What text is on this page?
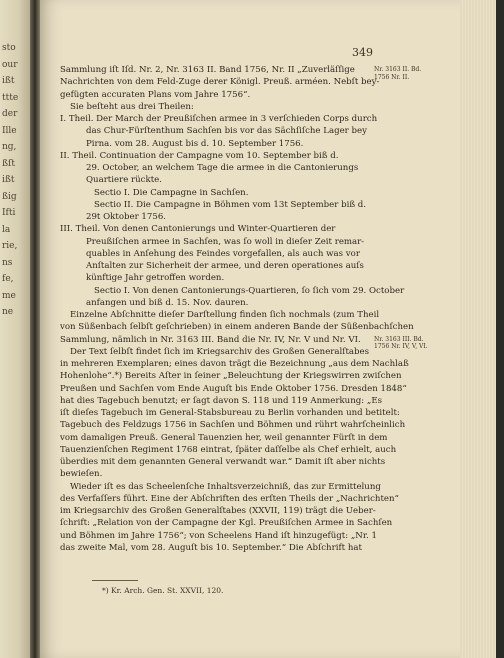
sto
our
ißt
ttte
der
Ille
ng,
ßſt
ißt
ßig
Ifti
la
rie,
ns
fe,
me
ne
349
Sammlung iſt Iſd. Nr. 2, Nr. 3163 II. Band 1756, Nr. II „Zuverläſſige
Nachrichten von dem Feld-Zuge derer Königl. Preuß. arméen. Nebſt bey-
gefügten accuraten Plans vom Jahre 1756“.
Sie beſteht aus drei Theilen:
I. Theil. Der March der Preußiſchen armee in 3 verſchieden Corps durch
das Chur-Fürſtenthum Sachſen bis vor das Sächſiſche Lager bey
Pirna. vom 28. August bis d. 10. September 1756.
II. Theil. Continuation der Campagne vom 10. September biß d.
29. October, an welchem Tage die armee in die Cantonierungs
Quartiere rückte.
Sectio I. Die Campagne in Sachſen.
Sectio II. Die Campagne in Böhmen vom 13t September biß d.
29t Oktober 1756.
III. Theil. Von denen Cantonierungs und Winter-Quartieren der
Preußiſchen armee in Sachſen, was ſo woll in dieſer Zeit remar-
quables in Anſehung des Feindes vorgefallen, als auch was vor
Anſtalten zur Sicherheit der armee, und deren operationes auſs
künftige Jahr getroffen worden.
Sectio I. Von denen Cantonierungs-Quartieren, ſo ſich vom 29. October
anfangen und biß d. 15. Nov. dauren.
Einzelne Abſchnitte dieſer Darſtellung finden ſich nochmals (zum Theil
von Süßenbach ſelbſt geſchrieben) in einem anderen Bande der Süßenbachſchen
Sammlung, nämlich in Nr. 3163 III. Band die Nr. IV, Nr. V und Nr. VI.
Der Text ſelbſt findet ſich im Kriegsarchiv des Großen Generalſtabes
in mehreren Exemplaren; eines davon trägt die Bezeichnung „aus dem Nachlaß
Hohenlohe“.*) Bereits Aſter in ſeiner „Beleuchtung der Kriegswirren zwiſchen
Preußen und Sachſen vom Ende Auguſt bis Ende Oktober 1756. Dresden 1848“
hat dies Tagebuch benutzt; er ſagt davon S. 118 und 119 Anmerkung: „Es
iſt dieſes Tagebuch im General-Stabsbureau zu Berlin vorhanden und betitelt:
Tagebuch des Feldzugs 1756 in Sachſen und Böhmen und rührt wahrſcheinlich
vom damaligen Preuß. General Tauenzien her, weil genannter Fürſt in dem
Tauenzienſchen Regiment 1768 eintrat, ſpäter daſſelbe als Chef erhielt, auch
überdies mit dem genannten General verwandt war.“ Damit iſt aber nichts
bewieſen.
Wieder iſt es das Scheelenſche Inhaltsverzeichniß, das zur Ermittelung
des Verfaſſers führt. Eine der Abſchriften des erſten Theils der „Nachrichten“
im Kriegsarchiv des Großen Generalſtabes (XXVII, 119) trägt die Ueber-
ſchrift: „Relation von der Campagne der Kgl. Preußiſchen Armee in Sachſen
und Böhmen im Jahre 1756“; von Scheelens Hand iſt hinzugefügt: „Nr. 1
das zweite Mal, vom 28. Auguſt bis 10. September.“ Die Abſchrift hat
Nr. 3163 II. Bd.
1756 Nr. II.
Nr. 3163 III. Bd.
1756 Nr. IV, V, VI.
*) Kr. Arch. Gen. St. XXVII, 120.
